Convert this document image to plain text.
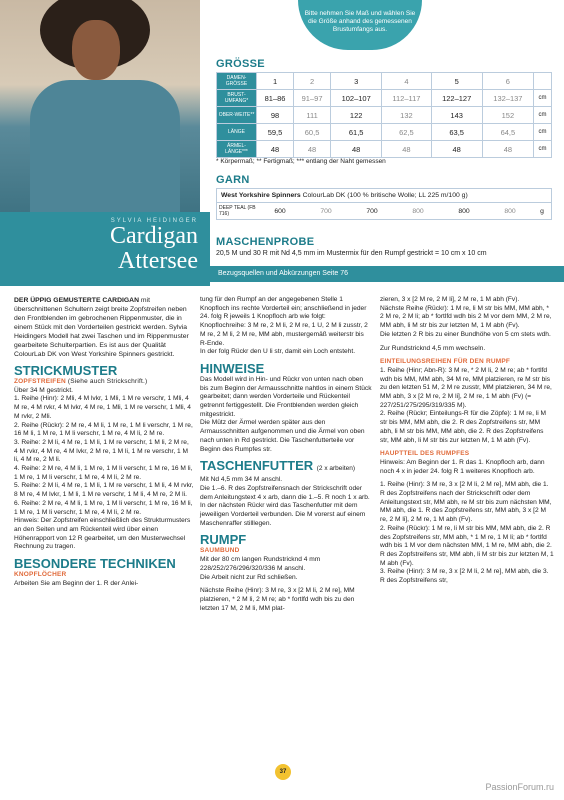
Bitte nehmen Sie Maß und wählen Sie die Größe anhand des gemessenen Brustumfangs aus.
SYLVIA HEIDINGER
Cardigan
Attersee
GRÖSSE
DAMEN-GRÖSSE	1	2	3	4	5	6	
BRUST-UMFANG*	81–86	91–97	102–107	112–117	122–127	132–137	cm
OBER-WEITE**	98	111	122	132	143	152	cm
LÄNGE	59,5	60,5	61,5	62,5	63,5	64,5	cm
ÄRMEL-LÄNGE***	48	48	48	48	48	48	cm
* Körpermaß; ** Fertigmaß; *** entlang der Naht gemessen
GARN
West Yorkshire Spinners ColourLab DK (100 % britische Wolle; LL 225 m/100 g)
DEEP TEAL (FB 716)	600	700	700	800	800	800	g
MASCHENPROBE
20,5 M und 30 R mit Nd 4,5 mm im Mustermix für den Rumpf gestrickt = 10 cm x 10 cm
Bezugsquellen und Abkürzungen Seite 76

DER ÜPPIG GEMUSTERTE CARDIGAN mit überschnittenen Schultern zeigt breite Zopfstreifen neben den Frontblenden im gebrochenen Rippenmuster, die in einem Stück mit den Vorderteilen gestrickt werden. Sylvia Heidingers Modell hat zwei Taschen und im Rippenmuster gearbeitete Schulterpartien. Es ist aus der Qualität ColourLab DK von West Yorkshire Spinners gestrickt.

STRICKMUSTER
ZOPFSTREIFEN (Siehe auch Strickschrift.)

Über 34 M gestrickt.

1. Reihe (Hinr): 2 Mli, 4 M lvkr, 1 Mli, 1 M re verschr, 1 Mli, 4 M re, 4 M rvkr, 4 M lvkr, 4 M re, 1 Mli, 1 M re verschr, 1 Mli, 4 M rvkr, 2 Mli.

2. Reihe (Rückr): 2 M re, 4 M li, 1 M re, 1 M li verschr, 1 M re, 16 M li, 1 M re, 1 M li verschr, 1 M re, 4 M li, 2 M re.

3. Reihe: 2 M li, 4 M re, 1 M li, 1 M re verschr, 1 M li, 2 M re, 4 M rvkr, 4 M re, 4 M lvkr, 2 M re, 1 M li, 1 M re verschr, 1 M li, 4 M re, 2 M li.

4. Reihe: 2 M re, 4 M li, 1 M re, 1 M li verschr, 1 M re, 16 M li, 1 M re, 1 M li verschr, 1 M re, 4 M li, 2 M re.

5. Reihe: 2 M li, 4 M re, 1 M li, 1 M re verschr, 1 M li, 4 M rvkr, 8 M re, 4 M lvkr, 1 M li, 1 M re verschr, 1 M li, 4 M re, 2 M li.

6. Reihe: 2 M re, 4 M li, 1 M re, 1 M li verschr, 1 M re, 16 M li, 1 M re, 1 M li verschr, 1 M re, 4 M li, 2 M re.

Hinweis: Der Zopfstreifen einschließlich des Strukturmusters an den Seiten und am Rückenteil wird über einen Höhenrapport von 12 R gearbeitet, um den Musterwechsel Rechnung zu tragen.

BESONDERE TECHNIKEN
KNOPFLÖCHER

Arbeiten Sie am Beginn der 1. R der Anlei-

tung für den Rumpf an der angegebenen Stelle 1 Knopfloch ins rechte Vorderteil ein; anschließend in jeder 24. folg R jeweils 1 Knopfloch arb wie folgt:

Knopflochreihe: 3 M re, 2 M li, 2 M re, 1 U, 2 M li zusstr, 2 M re, 2 M li, 2 M re, MM abh, mustergemäß weiterstr bis R-Ende.

In der folg Rückr den U li str, damit ein Loch entsteht.

HINWEISE

Das Modell wird in Hin- und Rückr von unten nach oben bis zum Beginn der Armausschnitte nahtlos in einem Stück gearbeitet; dann werden Vorderteile und Rückenteil getrennt fertiggestellt. Die Frontblenden werden gleich mitgestrickt.

Die Mütz der Ärmel werden später aus den Armausschnitten aufgenommen und die Ärmel von oben nach unten in Rd gestrickt. Die Taschenfutterteile vor Beginn des Rumpfes str.

TASCHENFUTTER (2 x arbeiten)

Mit Nd 4,5 mm 34 M anschl.

Die 1.–6. R des Zopfstreifensnach der Strickschrift oder dem Anleitungstext 4 x arb, dann die 1.–5. R noch 1 x arb.

In der nächsten Rückr wird das Taschenfutter mit dem jeweiligen Vorderteil verbunden. Die M vorerst auf einem Maschenraffer stilllegen.

RUMPF
SAUMBUND

Mit der 80 cm langen Rundstricknd 4 mm 228/252/276/296/320/336 M anschl.

Die Arbeit nicht zur Rd schließen.

Nächste Reihe (Hinr): 3 M re, 3 x [2 M li, 2 M re], MM platzieren, * 2 M li, 2 M re; ab * fortlfd wdh bis zu den letzten 17 M, 2 M li, MM plat-

zieren, 3 x [2 M re, 2 M li], 2 M re, 1 M abh (Fv).

Nächste Reihe (Rückr): 1 M re, li M str bis MM, MM abh, * 2 M re, 2 M li; ab * fortlfd wdh bis 2 M vor dem MM, 2 M re, MM abh, li M str bis zur letzten M, 1 M abh (Fv).

Die letzten 2 R bis zu einer Bundhöhe von 5 cm stets wdh.

Zur Rundstricknd 4,5 mm wechseln.

EINTEILUNGSREIHEN FÜR DEN RUMPF

1. Reihe (Hinr; Abn-R): 3 M re, * 2 M li, 2 M re; ab * fortlfd wdh bis MM, MM abh, 34 M re, MM platzieren, re M str bis zu den letzten 51 M, 2 M re zusstr, MM platzieren, 34 M re, MM abh, 3 x [2 M re, 2 M li], 2 M re, 1 M abh (Fv) (= 227/251/275/295/319/335 M).

2. Reihe (Rückr; Einteilungs-R für die Zöpfe): 1 M re, li M str bis MM, MM abh, die 2. R des Zopfstreifens str, MM abh, li M str bis MM, MM abh, die 2. R des Zopfstreifens str, MM abh, li M str bis zur letzten M, 1 M abh (Fv).

HAUPTTEIL DES RUMPFES

Hinweis: Am Beginn der 1. R das 1. Knopfloch arb, dann noch 4 x in jeder 24. folg R 1 weiteres Knopfloch arb.

1. Reihe (Hinr): 3 M re, 3 x [2 M li, 2 M re], MM abh, die 1. R des Zopfstreifens nach der Strickschrift oder dem Anleitungstext str, MM abh, re M str bis zum nächsten MM, MM abh, die 1. R des Zopfstreifens str, MM abh, 3 x [2 M re, 2 M li], 2 M re, 1 M abh (Fv).

2. Reihe (Rückr): 1 M re, li M str bis MM, MM abh, die 2. R des Zopfstreifens str, MM abh, * 1 M re, 1 M li; ab * fortlfd wdh bis 1 M vor dem nächsten MM, 1 M re, MM abh, die 2. R des Zopfstreifens str, MM abh, li M str bis zur letzten M, 1 M abh (Fv).

3. Reihe (Hinr): 3 M re, 3 x [2 M li, 2 M re], MM abh, die 3. R des Zopfstreifens str,

37
PassionForum.ru
